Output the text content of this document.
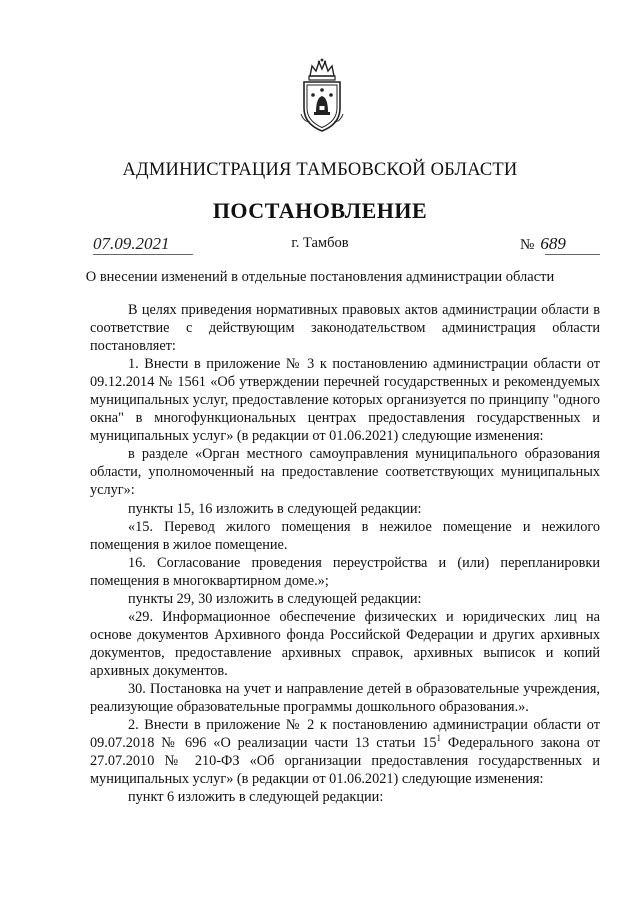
АДМИНИСТРАЦИЯ ТАМБОВСКОЙ ОБЛАСТИ
ПОСТАНОВЛЕНИЕ
07.09.2021	г. Тамбов	№ 689
О внесении изменений в отдельные постановления администрации области

В целях приведения нормативных правовых актов администрации области в соответствие с действующим законодательством администрация области постановляет:

1. Внести в приложение № 3 к постановлению администрации области от 09.12.2014 № 1561 «Об утверждении перечней государственных и рекомендуемых муниципальных услуг, предоставление которых организуется по принципу "одного окна" в многофункциональных центрах предоставления государственных и муниципальных услуг» (в редакции от 01.06.2021) следующие изменения:

в разделе «Орган местного самоуправления муниципального образования области, уполномоченный на предоставление соответствующих муниципальных услуг»:

пункты 15, 16 изложить в следующей редакции:

«15. Перевод жилого помещения в нежилое помещение и нежилого помещения в жилое помещение.

16. Согласование проведения переустройства и (или) перепланировки помещения в многоквартирном доме.»;

пункты 29, 30 изложить в следующей редакции:

«29. Информационное обеспечение физических и юридических лиц на основе документов Архивного фонда Российской Федерации и других архивных документов, предоставление архивных справок, архивных выписок и копий архивных документов.

30. Постановка на учет и направление детей в образовательные учреждения, реализующие образовательные программы дошкольного образования.».

2. Внести в приложение № 2 к постановлению администрации области от 09.07.2018 № 696 «О реализации части 13 статьи $15^1$ Федерального закона от 27.07.2010 № 210-ФЗ «Об организации предоставления государственных и муниципальных услуг» (в редакции от 01.06.2021) следующие изменения:

пункт 6 изложить в следующей редакции:
